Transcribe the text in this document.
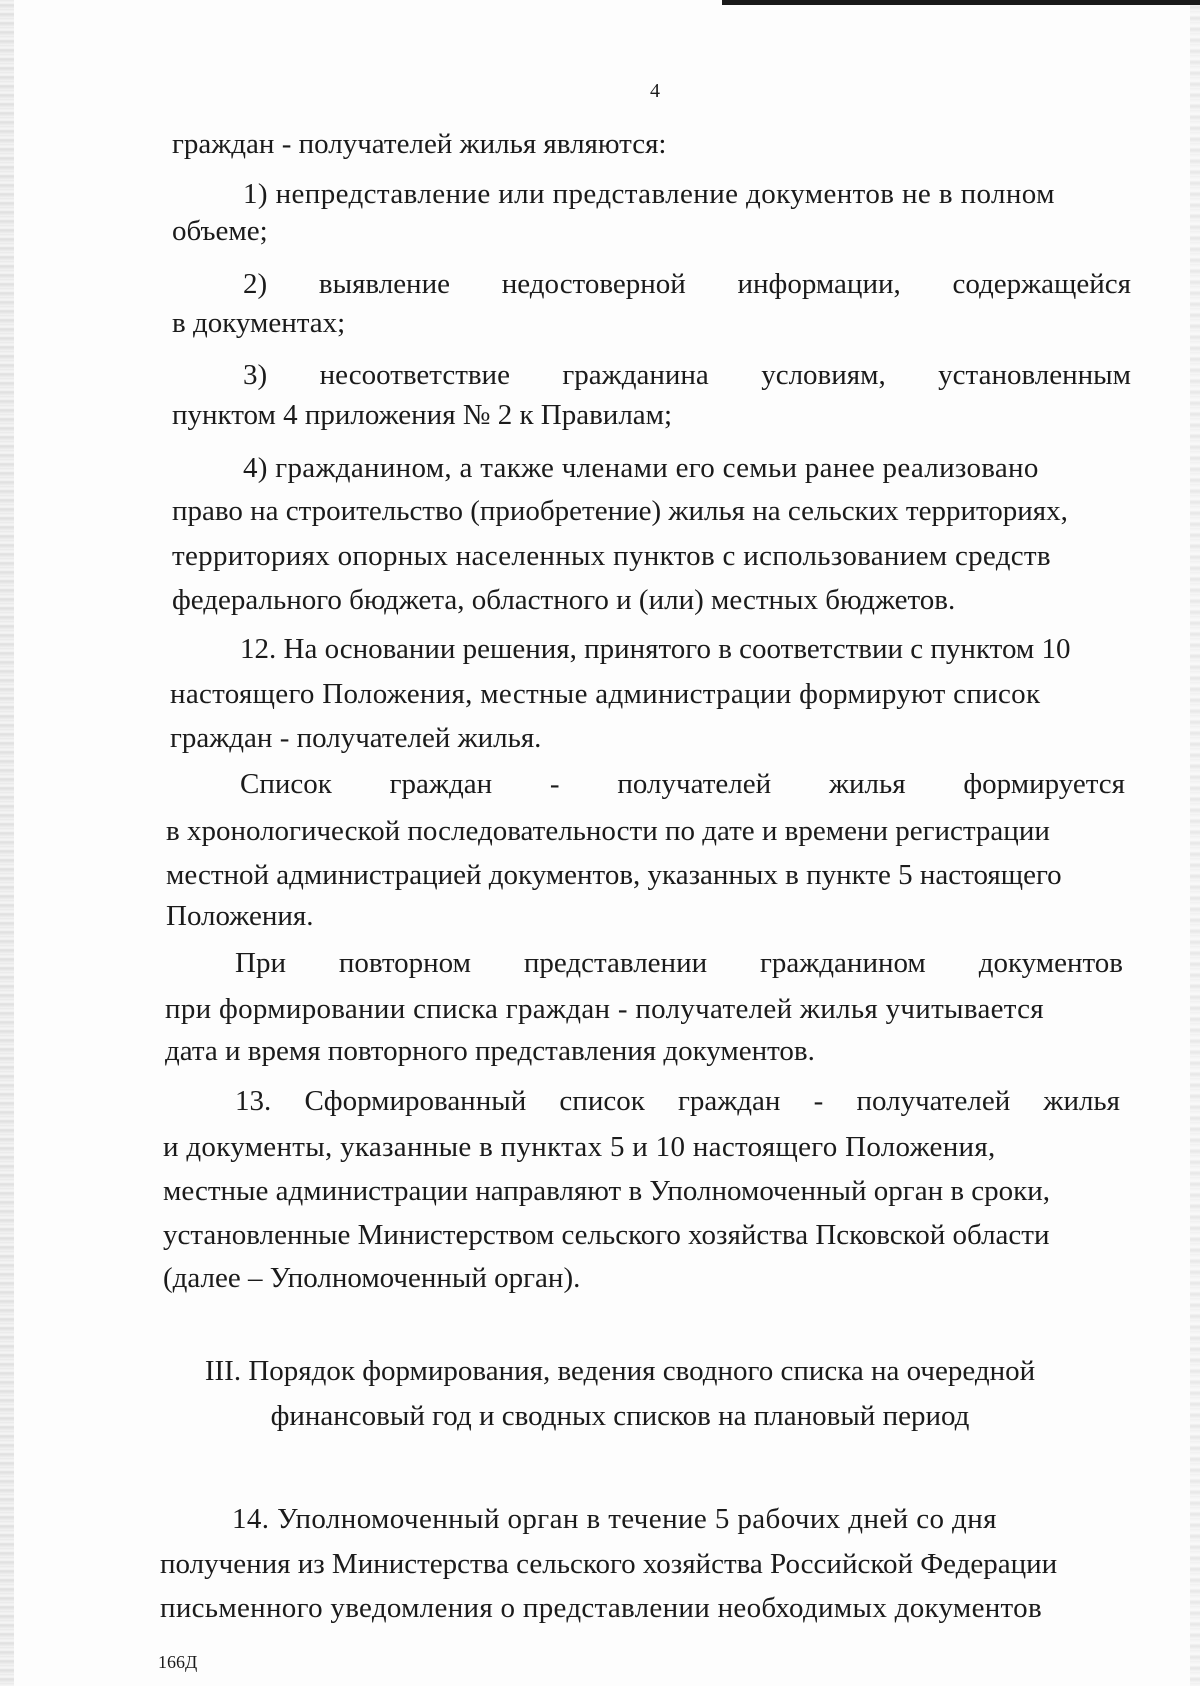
4
граждан - получателей жилья являются:
1) непредставление или представление документов не в полном
объеме;
2) выявление недостоверной информации, содержащейся
в документах;
3) несоответствие гражданина условиям, установленным
пунктом 4 приложения № 2 к Правилам;
4) гражданином, а также членами его семьи ранее реализовано
право на строительство (приобретение) жилья на сельских территориях,
территориях опорных населенных пунктов с использованием средств
федерального бюджета, областного и (или) местных бюджетов.
12. На основании решения, принятого в соответствии с пунктом 10
настоящего Положения, местные администрации формируют список
граждан - получателей жилья.
Список граждан - получателей жилья формируется
в хронологической последовательности по дате и времени регистрации
местной администрацией документов, указанных в пункте 5 настоящего
Положения.
При повторном представлении гражданином документов
при формировании списка граждан - получателей жилья учитывается
дата и время повторного представления документов.
13. Сформированный список граждан - получателей жилья
и документы, указанные в пунктах 5 и 10 настоящего Положения,
местные администрации направляют в Уполномоченный орган в сроки,
установленные Министерством сельского хозяйства Псковской области
(далее – Уполномоченный орган).
III. Порядок формирования, ведения сводного списка на очередной
финансовый год и сводных списков на плановый период
14. Уполномоченный орган в течение 5 рабочих дней со дня
получения из Министерства сельского хозяйства Российской Федерации
письменного уведомления о представлении необходимых документов
166Д
